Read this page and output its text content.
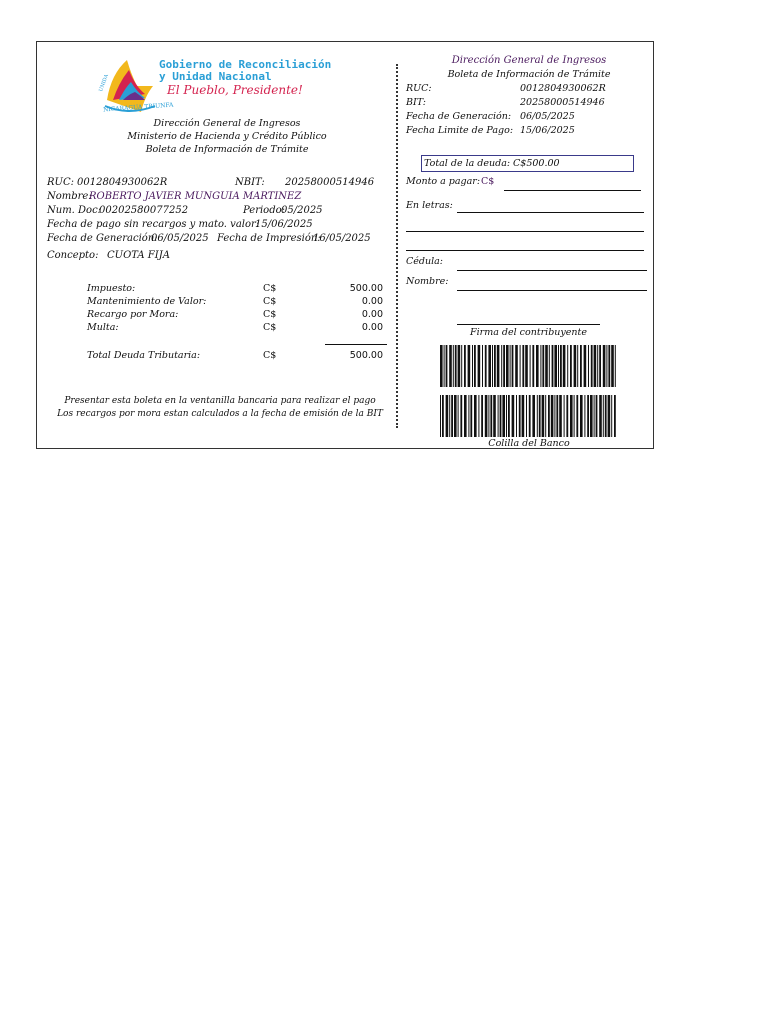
NICARAGUA TRIUNFA
UNIDA
Gobierno de Reconciliación
y Unidad Nacional
El Pueblo, Presidente!
Dirección General de Ingresos
Ministerio de Hacienda y Crédito Público
Boleta de Información de Trámite
RUC: 0012804930062R	NBIT: 20258000514946
Nombre:
ROBERTO JAVIER MUNGUIA MARTINEZ
Num. Doc:
00202580077252	Periodo:
05/2025
Fecha de pago sin recargos y mato. valor:
15/06/2025
Fecha de Generación:
06/05/2025 Fecha de Impresión:
16/05/2025
Concepto: CUOTA FIJA
Impuesto:	C$	500.00
Mantenimiento de Valor:	C$	0.00
Recargo por Mora:	C$	0.00
Multa:	C$	0.00
Total Deuda Tributaria:	C$	500.00
Presentar esta boleta en la ventanilla bancaria para realizar el pago
Los recargos por mora estan calculados a la fecha de emisión de la BIT
Dirección General de Ingresos
Boleta de Información de Trámite
RUC:	0012804930062R
BIT:	20258000514946
Fecha de Generación: 06/05/2025
Fecha Limite de Pago: 15/06/2025
Total de la deuda: C$500.00
Monto a pagar: C$
En letras:
Cédula:
Nombre:
Firma del contribuyente
Colilla del Banco
